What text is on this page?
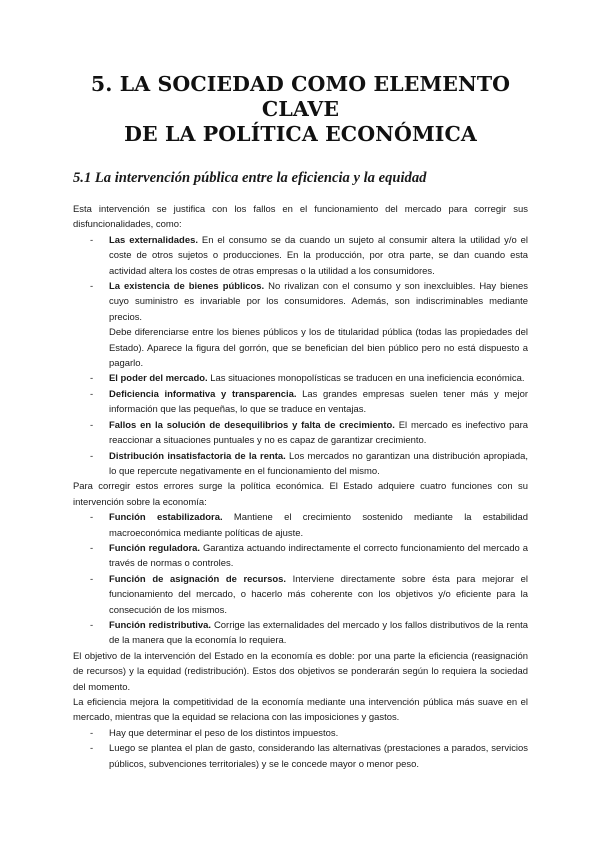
5. LA SOCIEDAD COMO ELEMENTO CLAVE
DE LA POLÍTICA ECONÓMICA
5.1 La intervención pública entre la eficiencia y la equidad

Esta intervención se justifica con los fallos en el funcionamiento del mercado para corregir sus disfuncionalidades, como:

- Las externalidades. En el consumo se da cuando un sujeto al consumir altera la utilidad y/o el coste de otros sujetos o producciones. En la producción, por otra parte, se dan cuando esta actividad altera los costes de otras empresas o la utilidad a los consumidores.
- La existencia de bienes públicos. No rivalizan con el consumo y son inexcluibles. Hay bienes cuyo suministro es invariable por los consumidores. Además, son indiscriminables mediante precios.

Debe diferenciarse entre los bienes públicos y los de titularidad pública (todas las propiedades del Estado). Aparece la figura del gorrón, que se benefician del bien público pero no está dispuesto a pagarlo.

- El poder del mercado. Las situaciones monopolísticas se traducen en una ineficiencia económica.
- Deficiencia informativa y transparencia. Las grandes empresas suelen tener más y mejor información que las pequeñas, lo que se traduce en ventajas.
- Fallos en la solución de desequilibrios y falta de crecimiento. El mercado es inefectivo para reaccionar a situaciones puntuales y no es capaz de garantizar crecimiento.
- Distribución insatisfactoria de la renta. Los mercados no garantizan una distribución apropiada, lo que repercute negativamente en el funcionamiento del mismo.

Para corregir estos errores surge la política económica. El Estado adquiere cuatro funciones con su intervención sobre la economía:

- Función estabilizadora. Mantiene el crecimiento sostenido mediante la estabilidad macroeconómica mediante políticas de ajuste.
- Función reguladora. Garantiza actuando indirectamente el correcto funcionamiento del mercado a través de normas o controles.
- Función de asignación de recursos. Interviene directamente sobre ésta para mejorar el funcionamiento del mercado, o hacerlo más coherente con los objetivos y/o eficiente para la consecución de los mismos.
- Función redistributiva. Corrige las externalidades del mercado y los fallos distributivos de la renta de la manera que la economía lo requiera.

El objetivo de la intervención del Estado en la economía es doble: por una parte la eficiencia (reasignación de recursos) y la equidad (redistribución). Estos dos objetivos se ponderarán según lo requiera la sociedad del momento.

La eficiencia mejora la competitividad de la economía mediante una intervención pública más suave en el mercado, mientras que la equidad se relaciona con las imposiciones y gastos.

- Hay que determinar el peso de los distintos impuestos.
- Luego se plantea el plan de gasto, considerando las alternativas (prestaciones a parados, servicios públicos, subvenciones territoriales) y se le concede mayor o menor peso.
